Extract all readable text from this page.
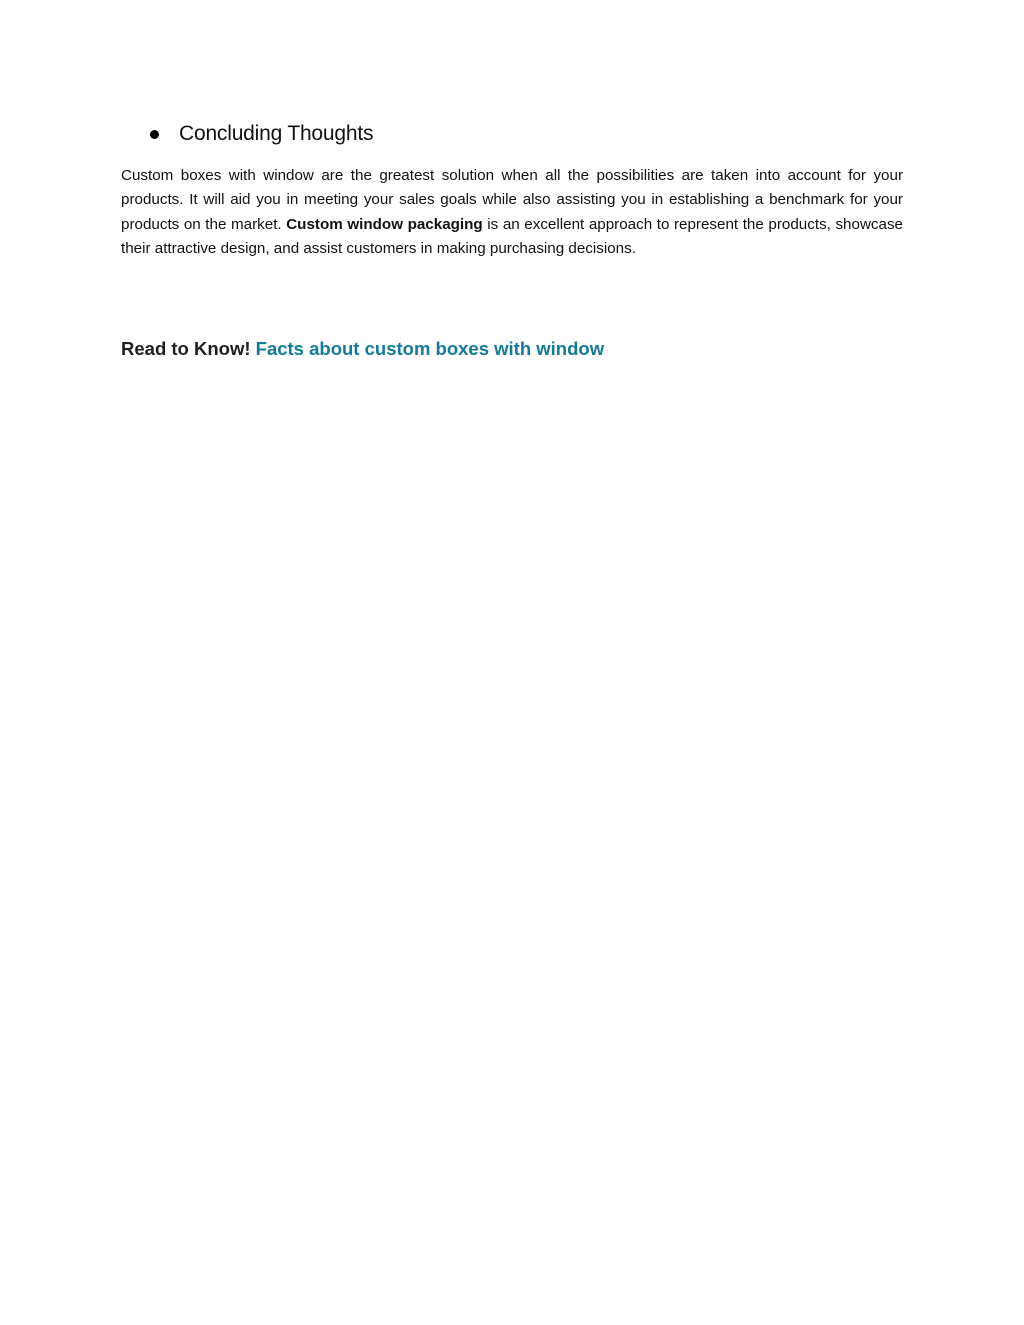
Concluding Thoughts

Custom boxes with window are the greatest solution when all the possibilities are taken into account for your products. It will aid you in meeting your sales goals while also assisting you in establishing a benchmark for your products on the market. Custom window packaging is an excellent approach to represent the products, showcase their attractive design, and assist customers in making purchasing decisions.

Read to Know! Facts about custom boxes with window
